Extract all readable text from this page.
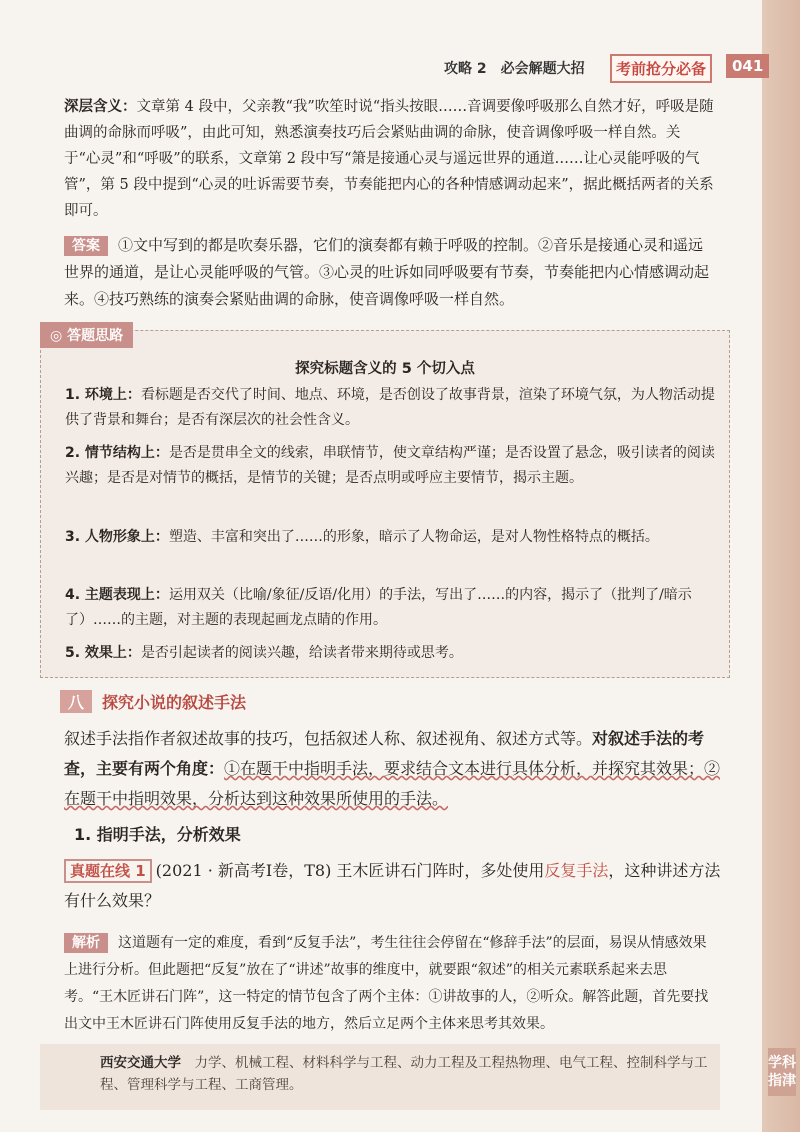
攻略 2　必会解题大招	考前抢分必备	041
深层含义：文章第 4 段中，父亲教“我”吹笙时说“指头按眼……音调要像呼吸那么自然才好，呼吸是随曲调的命脉而呼吸”，由此可知，熟悉演奏技巧后会紧贴曲调的命脉，使音调像呼吸一样自然。关于“心灵”和“呼吸”的联系，文章第 2 段中写“箫是接通心灵与遥远世界的通道……让心灵能呼吸的气管”，第 5 段中提到“心灵的吐诉需要节奏，节奏能把内心的各种情感调动起来”，据此概括两者的关系即可。
答案 ①文中写到的都是吹奏乐器，它们的演奏都有赖于呼吸的控制。②音乐是接通心灵和遥远世界的通道，是让心灵能呼吸的气管。③心灵的吐诉如同呼吸要有节奏，节奏能把内心情感调动起来。④技巧熟练的演奏会紧贴曲调的命脉，使音调像呼吸一样自然。
探究标题含义的 5 个切入点
1. 环境上：看标题是否交代了时间、地点、环境，是否创设了故事背景，渲染了环境气氛，为人物活动提供了背景和舞台；是否有深层次的社会性含义。
2. 情节结构上：是否是贯串全文的线索，串联情节，使文章结构严谨；是否设置了悬念，吸引读者的阅读兴趣；是否是对情节的概括，是情节的关键；是否点明或呼应主要情节，揭示主题。
3. 人物形象上：塑造、丰富和突出了……的形象，暗示了人物命运，是对人物性格特点的概括。
4. 主题表现上：运用双关（比喻/象征/反语/化用）的手法，写出了……的内容，揭示了（批判了/暗示了）……的主题，对主题的表现起画龙点睛的作用。
5. 效果上：是否引起读者的阅读兴趣，给读者带来期待或思考。
◎ 答题思路
八 探究小说的叙述手法
叙述手法指作者叙述故事的技巧，包括叙述人称、叙述视角、叙述方式等。对叙述手法的考查，主要有两个角度：①在题干中指明手法，要求结合文本进行具体分析，并探究其效果；②在题干中指明效果，分析达到这种效果所使用的手法。
1. 指明手法，分析效果
真题在线 1 (2021 · 新高考Ⅰ卷，T8) 王木匠讲石门阵时，多处使用反复手法，这种讲述方法有什么效果？
解析 这道题有一定的难度，看到“反复手法”，考生往往会停留在“修辞手法”的层面，易误从情感效果上进行分析。但此题把“反复”放在了“讲述”故事的维度中，就要跟“叙述”的相关元素联系起来去思考。“王木匠讲石门阵”，这一特定的情节包含了两个主体：①讲故事的人，②听众。解答此题，首先要找出文中王木匠讲石门阵使用反复手法的地方，然后立足两个主体来思考其效果。
西安交通大学　 力学、机械工程、材料科学与工程、动力工程及工程热物理、电气工程、控制科学与工程、管理科学与工程、工商管理。
学科指津
